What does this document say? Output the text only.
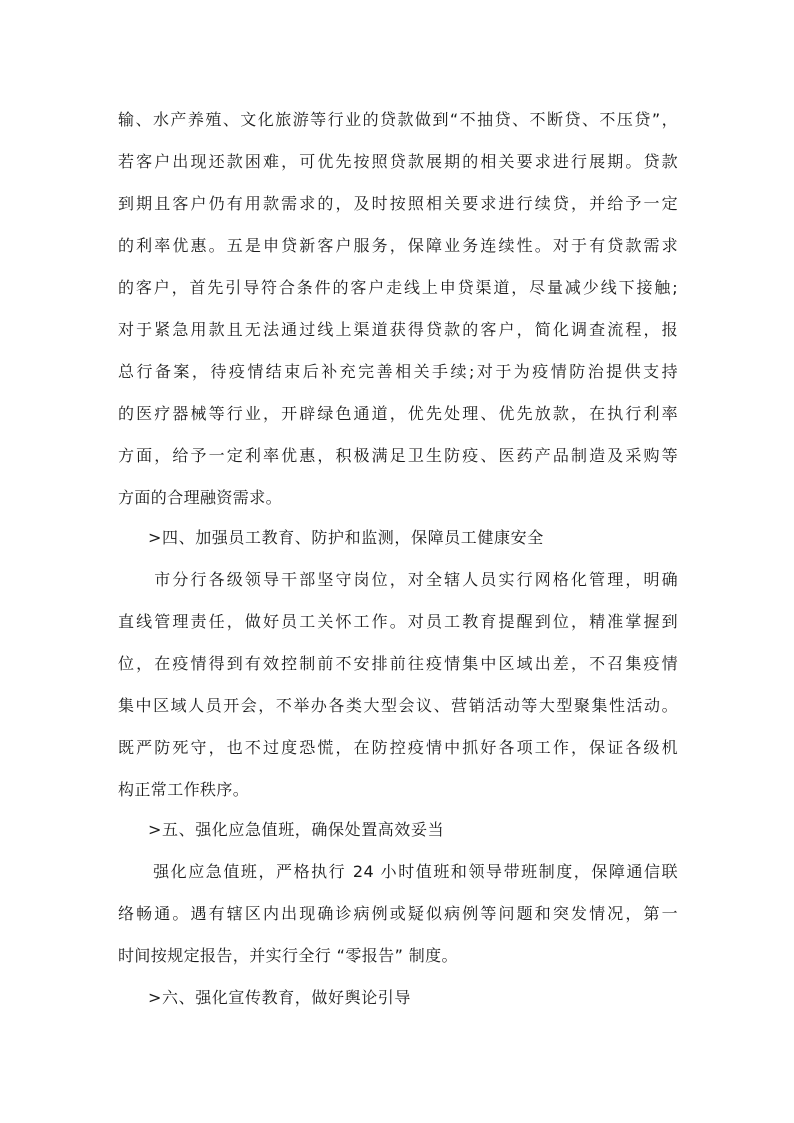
输、水产养殖、文化旅游等行业的贷款做到“不抽贷、不断贷、不压贷”，
若客户出现还款困难，可优先按照贷款展期的相关要求进行展期。贷款
到期且客户仍有用款需求的，及时按照相关要求进行续贷，并给予一定
的利率优惠。五是申贷新客户服务，保障业务连续性。对于有贷款需求
的客户，首先引导符合条件的客户走线上申贷渠道，尽量减少线下接触;
对于紧急用款且无法通过线上渠道获得贷款的客户，简化调查流程，报
总行备案，待疫情结束后补充完善相关手续;对于为疫情防治提供支持
的医疗器械等行业，开辟绿色通道，优先处理、优先放款，在执行利率
方面，给予一定利率优惠，积极满足卫生防疫、医药产品制造及采购等
方面的合理融资需求。
>四、加强员工教育、防护和监测，保障员工健康安全
　　市分行各级领导干部坚守岗位，对全辖人员实行网格化管理，明确
直线管理责任，做好员工关怀工作。对员工教育提醒到位，精准掌握到
位，在疫情得到有效控制前不安排前往疫情集中区域出差，不召集疫情
集中区域人员开会，不举办各类大型会议、营销活动等大型聚集性活动。
既严防死守，也不过度恐慌，在防控疫情中抓好各项工作，保证各级机
构正常工作秩序。
>五、强化应急值班，确保处置高效妥当
　　强化应急值班，严格执行 24 小时值班和领导带班制度，保障通信联
络畅通。遇有辖区内出现确诊病例或疑似病例等问题和突发情况，第一
时间按规定报告，并实行全行 “零报告” 制度。
>六、强化宣传教育，做好舆论引导
